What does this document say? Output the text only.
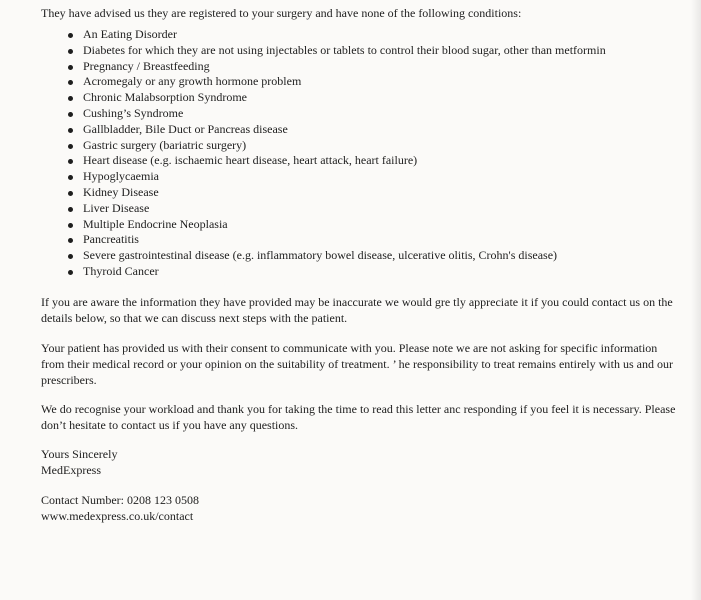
They have advised us they are registered to your surgery and have none of the following conditions:

An Eating Disorder
Diabetes for which they are not using injectables or tablets to control their blood sugar, other than metformin
Pregnancy / Breastfeeding
Acromegaly or any growth hormone problem
Chronic Malabsorption Syndrome
Cushing’s Syndrome
Gallbladder, Bile Duct or Pancreas disease
Gastric surgery (bariatric surgery)
Heart disease (e.g. ischaemic heart disease, heart attack, heart failure)
Hypoglycaemia
Kidney Disease
Liver Disease
Multiple Endocrine Neoplasia
Pancreatitis
Severe gastrointestinal disease (e.g. inflammatory bowel disease, ulcerative olitis, Crohn's disease)
Thyroid Cancer

If you are aware the information they have provided may be inaccurate we would gre tly appreciate it if you could contact us on the details below, so that we can discuss next steps with the patient.

Your patient has provided us with their consent to communicate with you. Please note we are not asking for specific information from their medical record or your opinion on the suitability of treatment. ’ he responsibility to treat remains entirely with us and our prescribers.

We do recognise your workload and thank you for taking the time to read this letter anc responding if you feel it is necessary. Please don’t hesitate to contact us if you have any questions.

Yours Sincerely

MedExpress

Contact Number: 0208 123 0508

www.medexpress.co.uk/contact
